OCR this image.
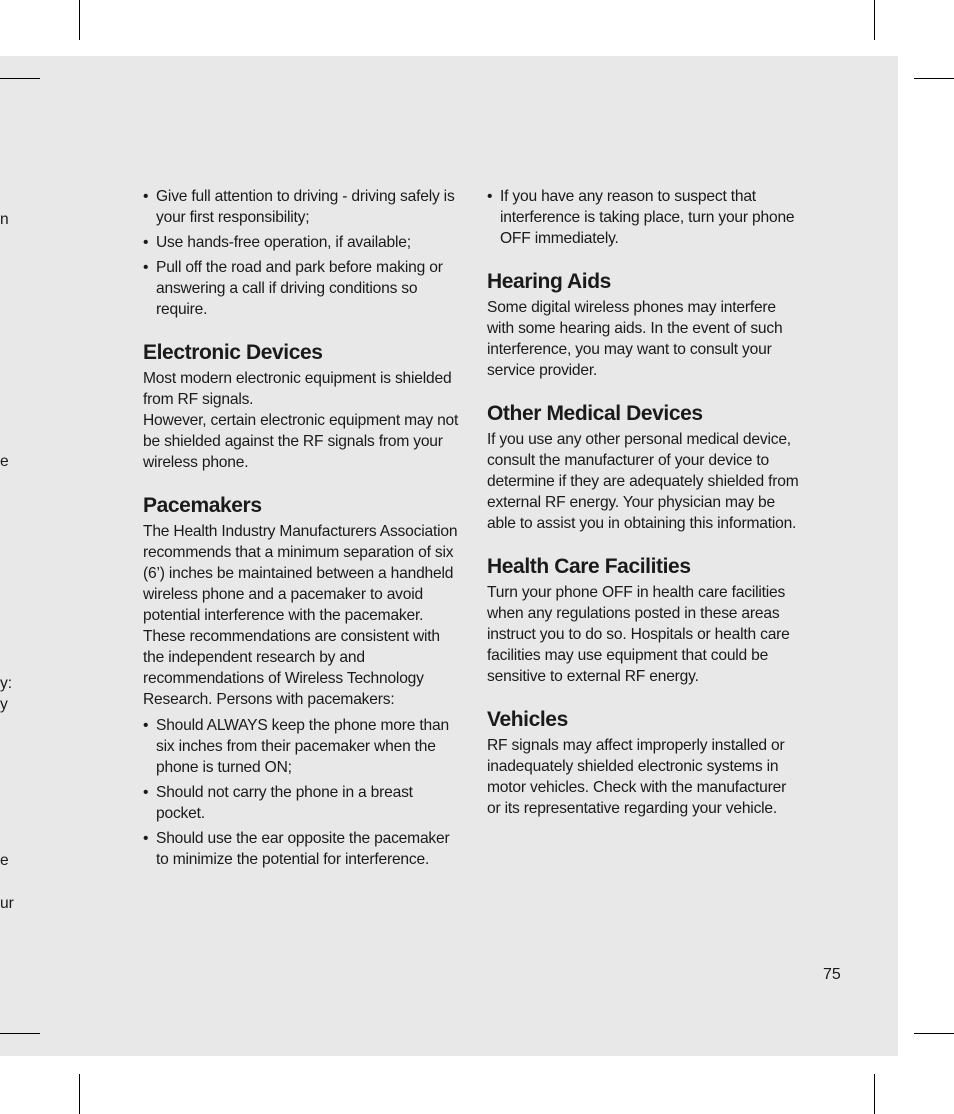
n
e
y:
y
e
ur
• Give full attention to driving - driving safely is your first responsibility;
• Use hands-free operation, if available;
• Pull off the road and park before making or answering a call if driving conditions so require.
Electronic Devices

Most modern electronic equipment is shielded from RF signals.

However, certain electronic equipment may not be shielded against the RF signals from your wireless phone.

Pacemakers

The Health Industry Manufacturers Association recommends that a minimum separation of six (6’) inches be maintained between a handheld wireless phone and a pacemaker to avoid potential interference with the pacemaker.

These recommendations are consistent with the independent research by and recommendations of Wireless Technology Research. Persons with pacemakers:

• Should ALWAYS keep the phone more than six inches from their pacemaker when the phone is turned ON;
• Should not carry the phone in a breast pocket.
• Should use the ear opposite the pacemaker to minimize the potential for interference.
• If you have any reason to suspect that interference is taking place, turn your phone OFF immediately.
Hearing Aids

Some digital wireless phones may interfere with some hearing aids. In the event of such interference, you may want to consult your service provider.

Other Medical Devices

If you use any other personal medical device, consult the manufacturer of your device to determine if they are adequately shielded from external RF energy. Your physician may be able to assist you in obtaining this information.

Health Care Facilities

Turn your phone OFF in health care facilities when any regulations posted in these areas instruct you to do so. Hospitals or health care facilities may use equipment that could be sensitive to external RF energy.

Vehicles

RF signals may affect improperly installed or inadequately shielded electronic systems in motor vehicles. Check with the manufacturer or its representative regarding your vehicle.

75
